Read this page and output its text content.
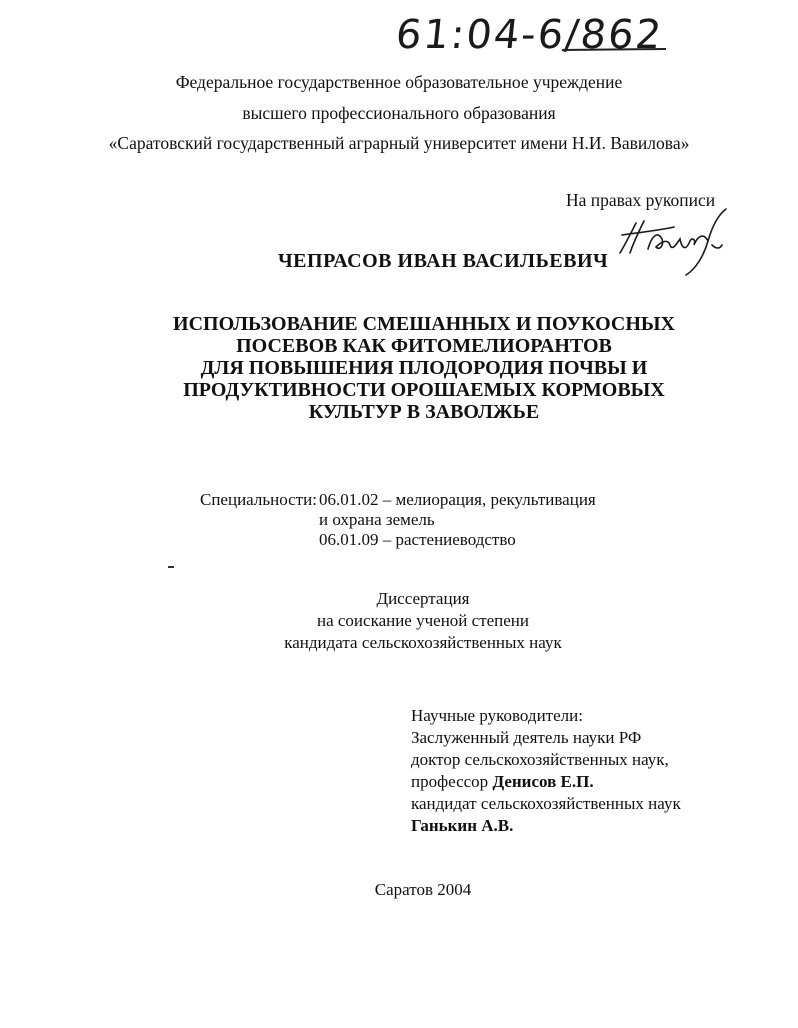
61:04-6/862
Федеральное государственное образовательное учреждение
высшего профессионального образования
«Саратовский государственный аграрный университет имени Н.И. Вавилова»
На правах рукописи
ЧЕПРАСОВ ИВАН ВАСИЛЬЕВИЧ
ИСПОЛЬЗОВАНИЕ СМЕШАННЫХ И ПОУКОСНЫХ
ПОСЕВОВ КАК ФИТОМЕЛИОРАНТОВ
ДЛЯ ПОВЫШЕНИЯ ПЛОДОРОДИЯ ПОЧВЫ И
ПРОДУКТИВНОСТИ ОРОШАЕМЫХ КОРМОВЫХ
КУЛЬТУР В ЗАВОЛЖЬЕ
Специальности: 06.01.02 – мелиорация, рекультивация
и охрана земель
06.01.09 – растениеводство
Диссертация
на соискание ученой степени
кандидата сельскохозяйственных наук
Научные руководители:
Заслуженный деятель науки РФ
доктор сельскохозяйственных наук,
профессор Денисов Е.П.
кандидат сельскохозяйственных наук
Ганькин А.В.
Саратов 2004
